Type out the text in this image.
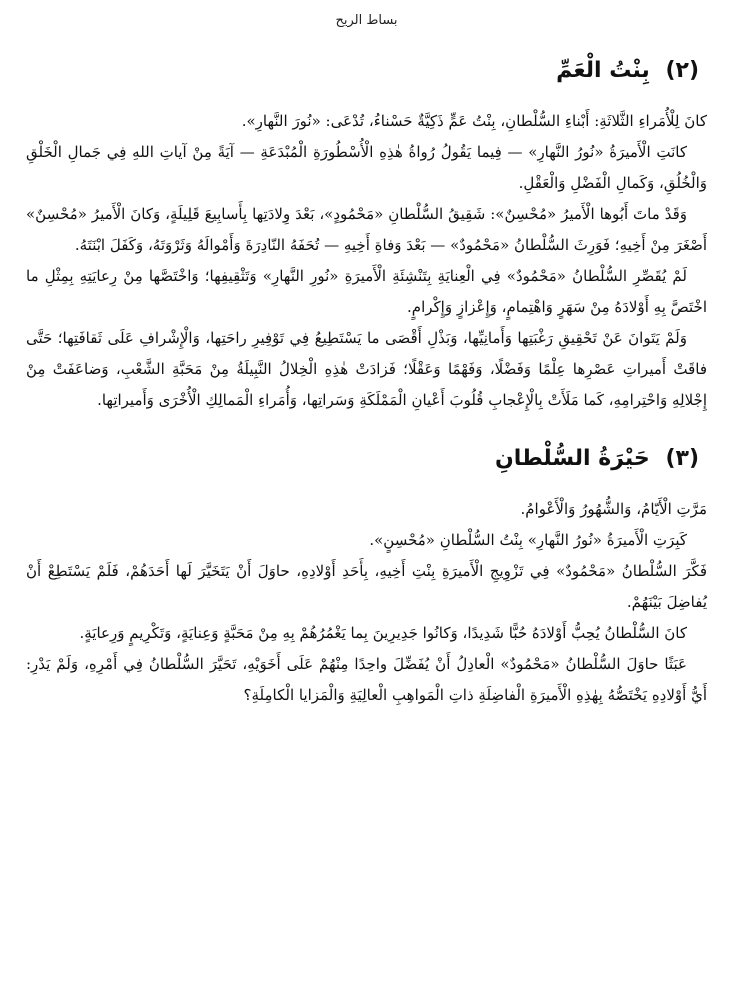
بساط الريح
(٢) بِنْتُ الْعَمِّ

كانَ لِلْأُمَراءِ الثَّلاثَةِ: أَبْناءِ السُّلْطانِ، بِنْتُ عَمٍّ ذَكِيَّةٌ حَسْناءُ، تُدْعَى: «نُورَ النَّهارِ».

كانَتِ الْأَميرَةُ «نُورُ النَّهارِ» — فِيما يَقُولُ رُواةُ هٰذِهِ الْأُسْطُورَةِ الْمُبْدَعَةِ — آيَةً مِنْ آياتِ اللهِ فِي جَمالِ الْخَلْقِ وَالْخُلُقِ، وَكَمالِ الْفَضْلِ وَالْعَقْلِ.

وَقَدْ ماتَ أَبُوها الْأَميرُ «مُحْسِنٌ»: شَقِيقُ السُّلْطانِ «مَحْمُودٍ»، بَعْدَ وِلادَتِها بِأَسابِيعَ قَلِيلَةٍ، وَكانَ الْأَميرُ «مُحْسِنٌ» أَصْغَرَ مِنْ أَخِيهِ؛ فَوَرِثَ السُّلْطانُ «مَحْمُودٌ» — بَعْدَ وَفاةِ أَخِيهِ — تُحَفَهُ النّادِرَةَ وَأَمْوالَهُ وَثَرْوَتَهُ، وَكَفَلَ ابْنَتَهُ.

لَمْ يُقَصِّرِ السُّلْطانُ «مَحْمُودٌ» فِي الْعِنايَةِ بِتَنْشِئَةِ الْأَميرَةِ «نُورِ النَّهارِ» وَتَثْقِيفِها؛ وَاخْتَصَّها مِنْ رِعايَتِهِ بِمِثْلِ ما اخْتَصَّ بِهِ أَوْلادَهُ مِنْ سَهَرٍ وَاهْتِمامٍ، وَإِعْزازٍ وَإِكْرامٍ.

وَلَمْ يَتَوانَ عَنْ تَحْقِيقِ رَغْبَتِها وَأَمانِيِّها، وَبَذْلِ أَقْصَى ما يَسْتَطِيعُ فِي تَوْفِيرِ راحَتِها، وَالْإِشْرافِ عَلَى ثَقافَتِها؛ حَتَّى فاقَتْ أَميراتِ عَصْرِها عِلْمًا وَفَضْلًا، وَفَهْمًا وَعَقْلًا؛ فَزادَتْ هٰذِهِ الْخِلالُ النَّبِيلَةُ مِنْ مَحَبَّةِ الشَّعْبِ، وَضاعَفَتْ مِنْ إِجْلالِهِ وَاحْتِرامِهِ، كَما مَلَأَتْ بِالْإِعْجابِ قُلُوبَ أَعْيانِ الْمَمْلَكَةِ وَسَراتِها، وَأُمَراءِ الْمَمالِكِ الْأُخْرَى وَأَميراتِها.

(٣) حَيْرَةُ السُّلْطانِ

مَرَّتِ الْأَيّامُ، وَالشُّهُورُ وَالْأَعْوامُ.

كَبِرَتِ الْأَميرَةُ «نُورُ النَّهارِ» بِنْتُ السُّلْطانِ «مُحْسِنٍ».

فَكَّرَ السُّلْطانُ «مَحْمُودٌ» فِي تَزْوِيجِ الْأَميرَةِ بِنْتِ أَخِيهِ، بِأَحَدِ أَوْلادِهِ، حاوَلَ أَنْ يَتَخَيَّرَ لَها أَحَدَهُمْ، فَلَمْ يَسْتَطِعْ أَنْ يُفاضِلَ بَيْنَهُمْ.

كانَ السُّلْطانُ يُحِبُّ أَوْلادَهُ حُبًّا شَدِيدًا، وَكانُوا جَدِيرِينَ بِما يَغْمُرُهُمْ بِهِ مِنْ مَحَبَّةٍ وَعِنايَةٍ، وَتَكْرِيمٍ وَرِعايَةٍ.

عَبَثًا حاوَلَ السُّلْطانُ «مَحْمُودٌ» الْعادِلُ أَنْ يُفَضِّلَ واحِدًا مِنْهُمْ عَلَى أَخَوَيْهِ، تَحَيَّرَ السُّلْطانُ فِي أَمْرِهِ، وَلَمْ يَدْرِ: أَيُّ أَوْلادِهِ يَخْتَصُّهُ بِهٰذِهِ الْأَميرَةِ الْفاضِلَةِ ذاتِ الْمَواهِبِ الْعالِيَةِ وَالْمَزايا الْكامِلَةِ؟
